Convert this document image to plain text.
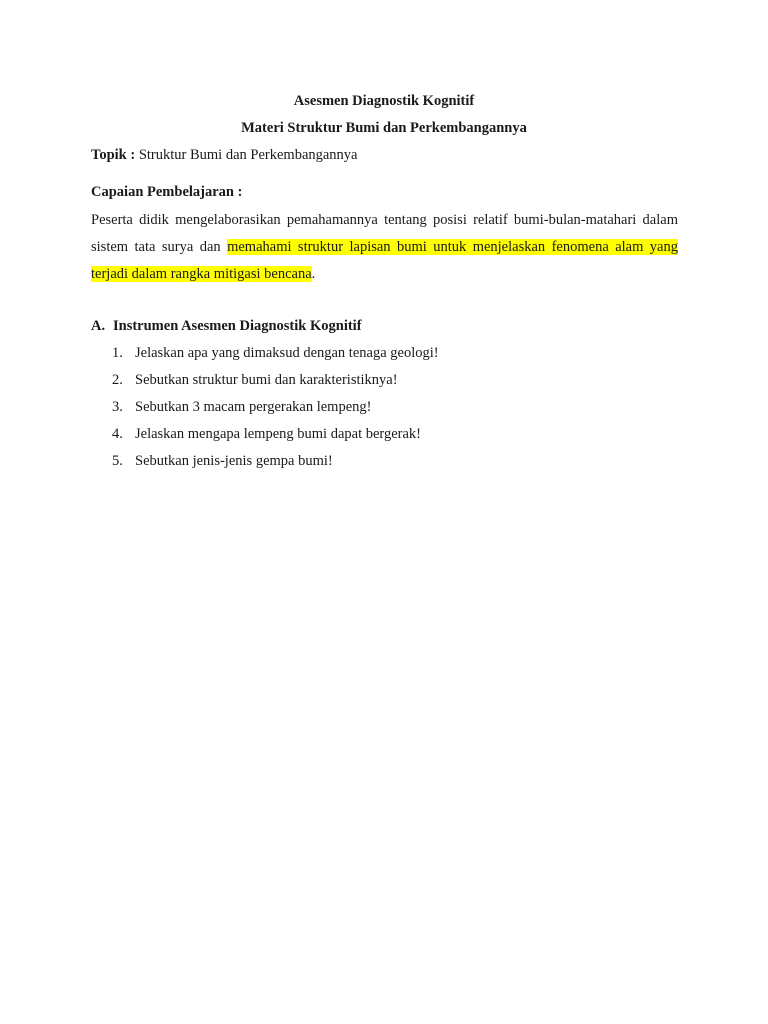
Asesmen Diagnostik Kognitif
Materi Struktur Bumi dan Perkembangannya
Topik : Struktur Bumi dan Perkembangannya
Capaian Pembelajaran :
Peserta didik mengelaborasikan pemahamannya tentang posisi relatif bumi-bulan-matahari dalam sistem tata surya dan memahami struktur lapisan bumi untuk menjelaskan fenomena alam yang terjadi dalam rangka mitigasi bencana.
A. Instrumen Asesmen Diagnostik Kognitif
1. Jelaskan apa yang dimaksud dengan tenaga geologi!
2. Sebutkan struktur bumi dan karakteristiknya!
3. Sebutkan 3 macam pergerakan lempeng!
4. Jelaskan mengapa lempeng bumi dapat bergerak!
5. Sebutkan jenis-jenis gempa bumi!
